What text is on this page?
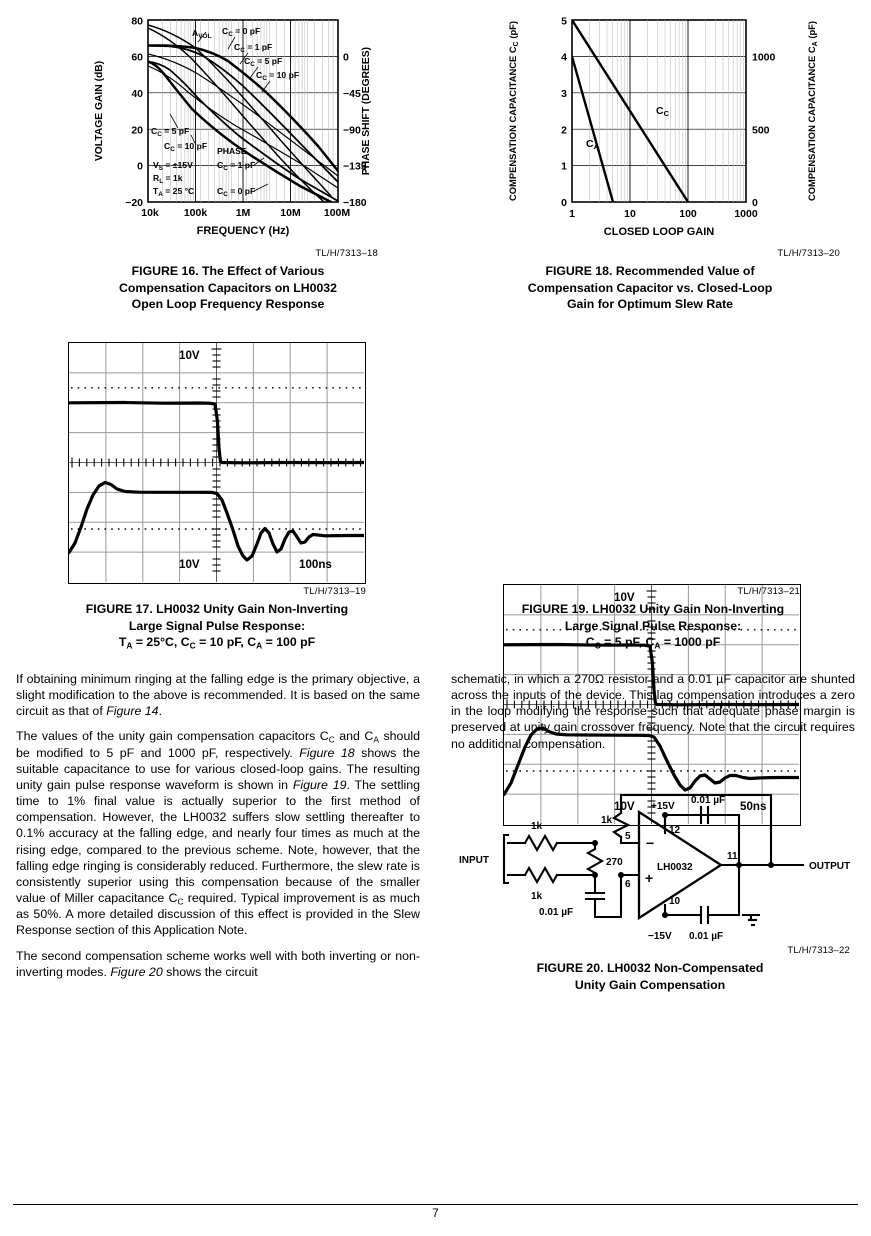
80
60
40
20
0
−20
0
−45
−90
−135
−180
10k 100k	1M	10M 100M
FREQUENCY (Hz)
VOLTAGE GAIN (dB)	PHASE SHIFT (DEGREES)
$A_{VOL}$
$C_C = 0$ pF
$C_C = 1$ pF
$C_C = 5$ pF
$C_C = 10$ pF
$C_C = 5$ pF
$C_C = 10$ pF PHASE
$C_C = 1$ pF
$C_C = 0$ pF
$V_S = \pm 15V$
$R_L = 1k$
$T_A = 25$ °C
TL/H/7313–18
FIGURE 16. The Effect of Various
Compensation Capacitors on LH0032
Open Loop Frequency Response
5
4
3
2
1
0
1000
500
0
1	10	100	1000
CLOSED LOOP GAIN
COMPENSATION CAPACITANCE $C_C$ (pF)
COMPENSATION CAPACITANCE $C_A$ (pF)
CC
CA
TL/H/7313–20
FIGURE 18. Recommended Value of
Compensation Capacitor vs. Closed-Loop
Gain for Optimum Slew Rate
10V
10V	100ns
TL/H/7313–19
FIGURE 17. LH0032 Unity Gain Non-Inverting
Large Signal Pulse Response:
$T_A = 25^\circ C$, $C_C = 10$ pF, $C_A = 100$ pF
10V
10V	50ns
TL/H/7313–21
FIGURE 19. LH0032 Unity Gain Non-Inverting
Large Signal Pulse Response:
$C_C = 5$ pF, $C_A = 1000$ pF

If obtaining minimum ringing at the falling edge is the primary objective, a slight modification to the above is recommended. It is based on the same circuit as that of Figure 14.

The values of the unity gain compensation capacitors $C_C$ and $C_A$ should be modified to 5 pF and 1000 pF, respectively. Figure 18 shows the suitable capacitance to use for various closed-loop gains. The resulting unity gain pulse response waveform is shown in Figure 19. The settling time to 1% final value is actually superior to the first method of compensation. However, the LH0032 suffers slow settling thereafter to 0.1% accuracy at the falling edge, and nearly four times as much at the rising edge, compared to the previous scheme. Note, however, that the falling edge ringing is considerably reduced. Furthermore, the slew rate is consistently superior using this compensation because of the smaller value of Miller capacitance $C_C$ required. Typical improvement is as much as 50%. A more detailed discussion of this effect is provided in the Slew Response section of this Application Note.

The second compensation scheme works well with both inverting or non-inverting modes. Figure 20 shows the circuit

schematic, in which a 270Ω resistor and a 0.01 µF capacitor are shunted across the inputs of the device. This lag compensation introduces a zero in the loop modifying the response such that adequate phase margin is preserved at unity gain crossover frequency. Note that the circuit requires no additional compensation.

INPUT
OUTPUT
1k
1k
1k
270
0.01 µF
+15V
−15V
0.01 µF
0.01 µF
LH0032
5
6
12
10
11
−
+
TL/H/7313–22
FIGURE 20. LH0032 Non-Compensated
Unity Gain Compensation
7
